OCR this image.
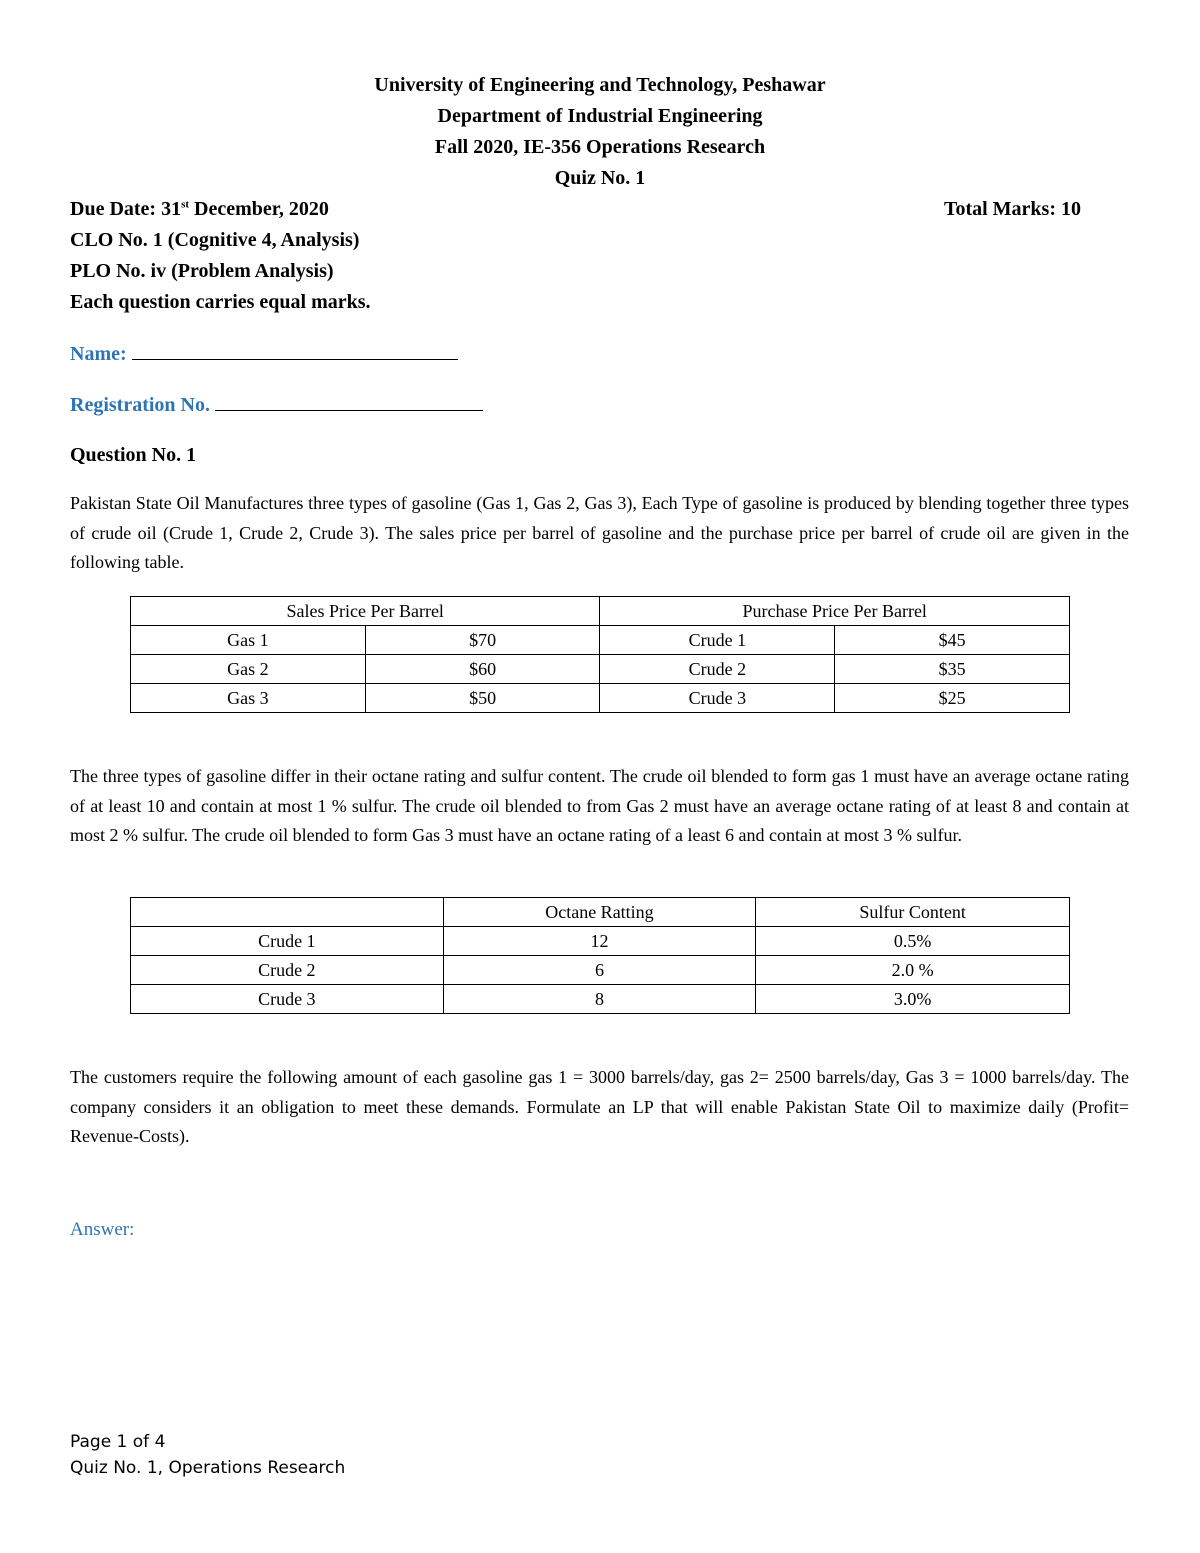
University of Engineering and Technology, Peshawar
Department of Industrial Engineering
Fall 2020, IE-356 Operations Research
Quiz No. 1
Due Date: 31st December, 2020	Total Marks: 10
CLO No. 1 (Cognitive 4, Analysis)
PLO No. iv (Problem Analysis)
Each question carries equal marks.
Name:
Registration No.
Question No. 1
Pakistan State Oil Manufactures three types of gasoline (Gas 1, Gas 2, Gas 3), Each Type of gasoline is produced by blending together three types of crude oil (Crude 1, Crude 2, Crude 3). The sales price per barrel of gasoline and the purchase price per barrel of crude oil are given in the following table.
Sales Price Per Barrel		Purchase Price Per Barrel	
Gas 1	$70	Crude 1	$45
Gas 2	$60	Crude 2	$35
Gas 3	$50	Crude 3	$25
The three types of gasoline differ in their octane rating and sulfur content. The crude oil blended to form gas 1 must have an average octane rating of at least 10 and contain at most 1 % sulfur. The crude oil blended to from Gas 2 must have an average octane rating of at least 8 and contain at most 2 % sulfur. The crude oil blended to form Gas 3 must have an octane rating of a least 6 and contain at most 3 % sulfur.
	Octane Ratting	Sulfur Content
Crude 1	12	0.5%
Crude 2	6	2.0 %
Crude 3	8	3.0%
The customers require the following amount of each gasoline gas 1 = 3000 barrels/day, gas 2= 2500 barrels/day, Gas 3 = 1000 barrels/day. The company considers it an obligation to meet these demands. Formulate an LP that will enable Pakistan State Oil to maximize daily (Profit= Revenue-Costs).
Answer:
Page 1 of 4
Quiz No. 1, Operations Research
